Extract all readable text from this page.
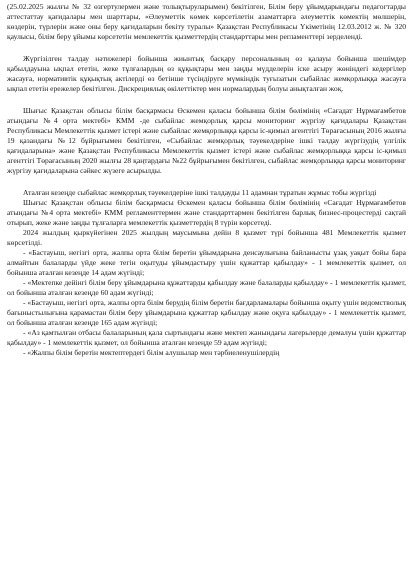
(25.02.2025 жылғы № 32 өзгертулермен және толықтыруларымен) бекітілген, Білім беру ұйымдарындағы педагогтарды аттестаттау қағидалары мен шарттары, «Әлеуметтік көмек көрсетілетін азаматтарға әлеуметтік көмектің мөлшерін, көздерін, түрлерін және оны беру қағидаларын бекіту туралы» Қазақстан Республикасы Үкіметінің 12.03.2012 ж. № 320 қаулысы, білім беру ұйымы көрсететін мемлекеттік қызметтердің стандарттары мен регламенттері зерделенді.

Жүргізілген талдау нәтижелері бойынша жиынтық басқару персоналының өз қалауы бойынша шешімдер қабылдауына ықпал ететін, жеке тұлғалардың өз құқықтары мен заңды мүдделерін іске асыру жөніндегі кедергілер жасауға, нормативтік құқықтық актілерді өз бетінше түсіндіруге мүмкіндік туғызатын сыбайлас жемқорлыққа жасауға ықпал ететін ережелер бекітілген. Дискрециялық өкілеттіктер мен нормалардың болуы анықталған жоқ.

Шығыс Қазақстан облысы білім басқармасы Өскемен қаласы бойынша білім бөлімінің «Сағадат Нұрмағамбетов атындағы №4 орта мектебі» КММ -де сыбайлас жемқорлық қарсы мониторинг жүргізу қағидалары Қазақстан Республикасы Мемлекеттік қызмет істері және сыбайлас жемқорлыққа қарсы іс-қимыл агенттігі Төрағасының 2016 жылғы 19 қазандағы №12 бұйрығымен бекітілген, «Сыбайлас жемқорлық тәуекелдеріне ішкі талдау жүргізудің үлгілік қағидаларына» және Қазақстан Республикасы Мемлекеттік қызмет істері және сыбайлас жемқорлыққа қарсы іс-қимыл агенттігі Төрағасының 2020 жылғы 28 қаңтардағы №22 бұйрығымен бекітілген, сыбайлас жемқорлыққа қарсы мониторинг жүргізу қағидаларына сәйкес жүзеге асырылды.

Аталған кезеңде сыбайлас жемқорлық тәуекелдеріне ішкі талдауды 11 адамнан тұратын жұмыс тобы жүргізді

Шығыс Қазақстан облысы білім басқармасы Өскемен қаласы бойынша білім бөлімінің «Сағадат Нұрмағамбетов атындағы №4 орта мектебі» КММ регламенттермен және стандарттармен бекітілген барлық бизнес-процестерді сақтай отырып, жеке және заңды тұлғаларға мемлекеттік қызметтердің 8 түрін көрсетеді.

2024 жылдың қыркүйегінен 2025 жылдың маусымына дейін 8 қызмет түрі бойынша 481 Мемлекеттік қызмет көрсетілді.

- «Бастауыш, негізгі орта, жалпы орта білім беретін ұйымдарына денсаулығына байланысты ұзақ уақыт бойы бара алмайтын балаларды үйде жеке тегін оқытуды ұйымдастыру үшін құжаттар қабылдау» - 1 мемлекеттік қызмет, ол бойынша аталған кезеңде 14 адам жүгінді;

- «Мектепке дейінгі білім беру ұйымдарына құжаттарды қабылдау және балаларды қабылдау» - 1 мемлекеттік қызмет, ол бойынша аталған кезеңде 60 адам жүгінді;

- «Бастауыш, негізгі орта, жалпы орта білім берудің білім беретін бағдарламалары бойынша оқыту үшін ведомстволық бағыныстылығына қарамастан білім беру ұйымдарына құжаттар қабылдау және оқуға қабылдау» - 1 мемлекеттік қызмет, ол бойынша аталған кезеңде 165 адам жүгінді;

- «Аз қамтылған отбасы балаларының қала сыртындағы және мектеп жанындағы лагерьлерде демалуы үшін құжаттар қабылдау» - 1 мемлекеттік қызмет, ол бойынша аталған кезеңде 59 адам жүгінді;

- «Жалпы білім беретін мектептердегі білім алушылар мен тәрбиеленушілердің
